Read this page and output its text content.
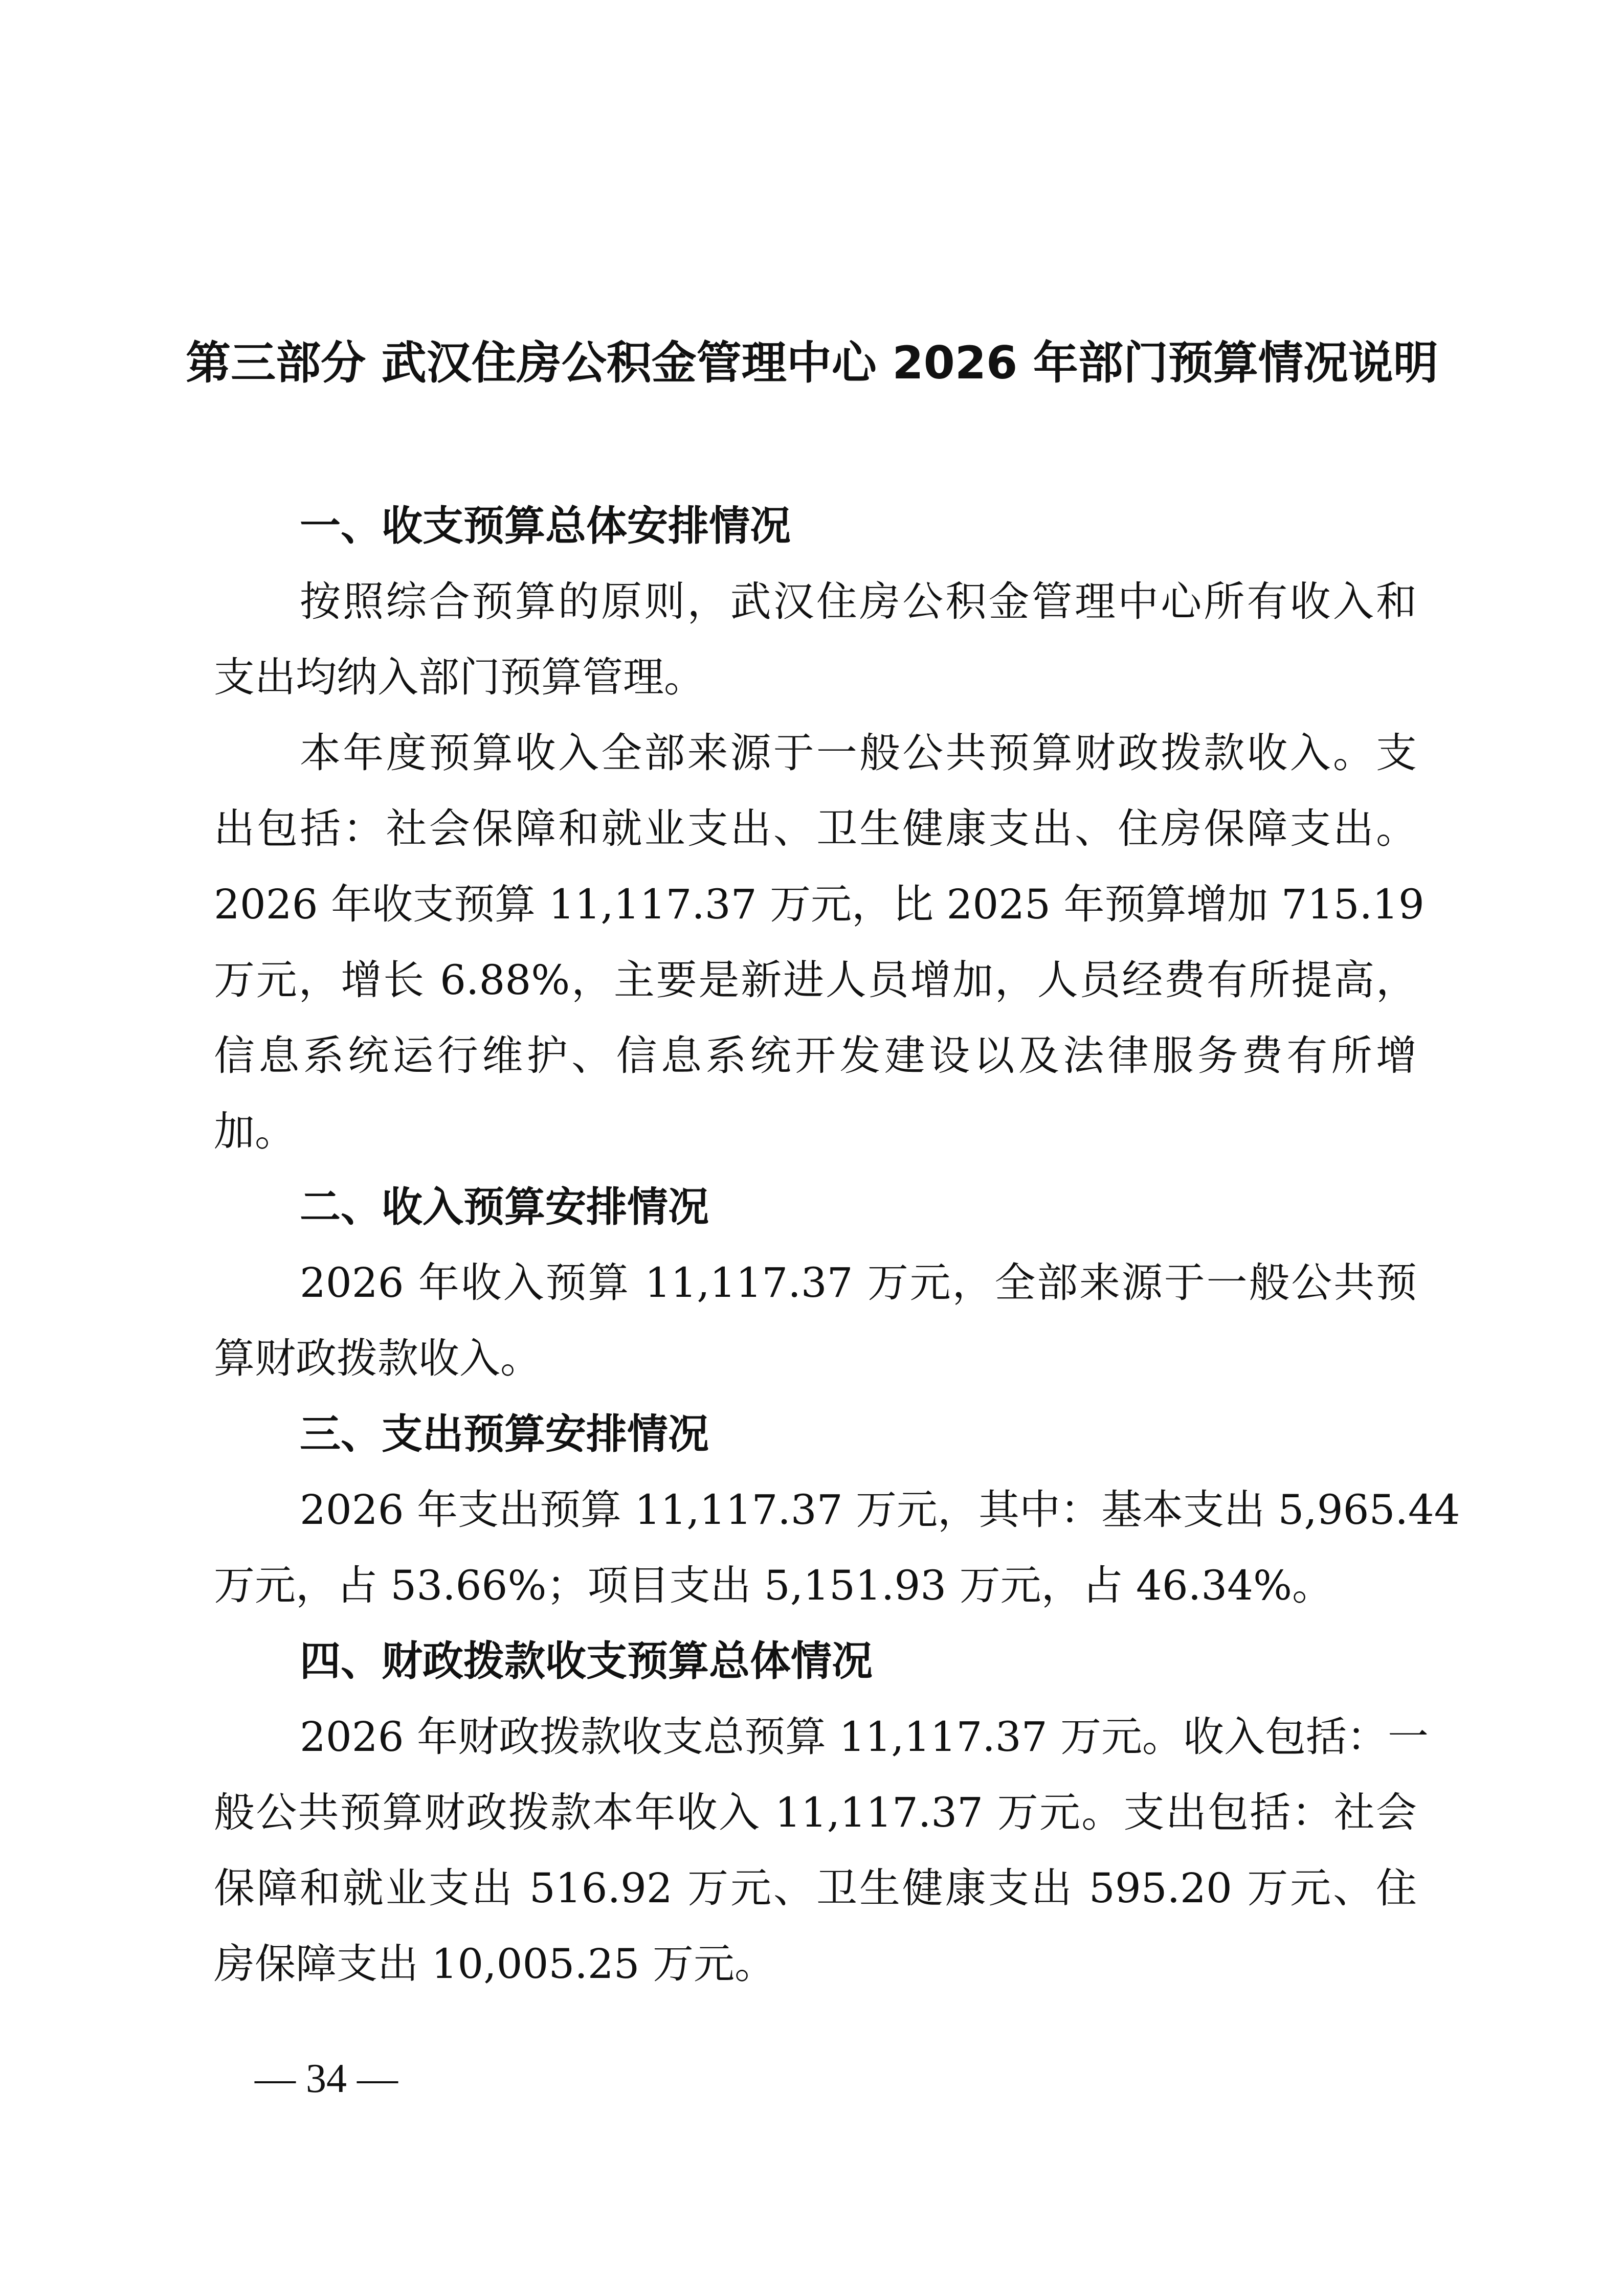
第三部分 武汉住房公积金管理中心 2026 年部门预算情况说明
一、收支预算总体安排情况

按照综合预算的原则，武汉住房公积金管理中心所有收入和
支出均纳入部门预算管理。

本年度预算收入全部来源于一般公共预算财政拨款收入。支
出包括：社会保障和就业支出、卫生健康支出、住房保障支出。
2026 年收支预算 11,117.37 万元，比 2025 年预算增加 715.19
万元，增长 6.88%，主要是新进人员增加，人员经费有所提高，
信息系统运行维护、信息系统开发建设以及法律服务费有所增
加。

二、收入预算安排情况

2026 年收入预算 11,117.37 万元，全部来源于一般公共预
算财政拨款收入。

三、支出预算安排情况

2026 年支出预算 11,117.37 万元，其中：基本支出 5,965.44
万元，占 53.66%；项目支出 5,151.93 万元，占 46.34%。

四、财政拨款收支预算总体情况

2026 年财政拨款收支总预算 11,117.37 万元。收入包括：一
般公共预算财政拨款本年收入 11,117.37 万元。支出包括：社会
保障和就业支出 516.92 万元、卫生健康支出 595.20 万元、住
房保障支出 10,005.25 万元。

— 34 —
